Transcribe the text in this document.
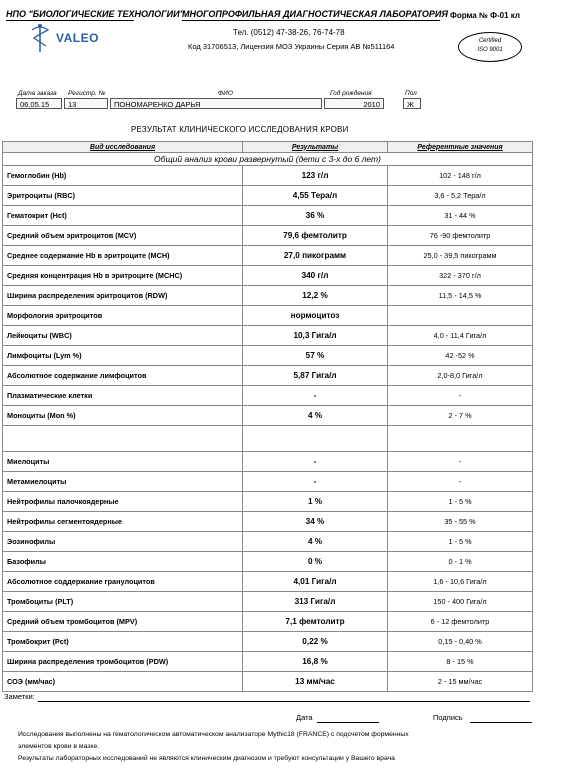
НПО "БИОЛОГИЧЕСКИЕ ТЕХНОЛОГИИ"
МНОГОПРОФИЛЬНАЯ ДИАГНОСТИЧЕСКАЯ ЛАБОРАТОРИЯ Форма № Ф-01 кл
VALEO	Тел. (0512) 47-38-26, 76-74-78
Код 31706513, Лицензия МОЗ Украины Серия АВ №511164
Certified
ISO 9001
Дата заказа Регистр. №	ФИО	Год рождения	Пол
06.05.15	13	ПОНОМАРЕНКО ДАРЬЯ	2010	Ж
РЕЗУЛЬТАТ КЛИНИЧЕСКОГО ИССЛЕДОВАНИЯ КРОВИ
Вид исследования	Результаты	Референтные значения
Общий анализ крови развернутый (дети с 3-х до 6 лет)		
Гемоглобин (Hb)	123 г/л	102 - 148 г/л
Эритроциты (RBC)	4,55 Тера/л	3,6 - 5,2 Тера/л
Гематокрит (Hct)	36 %	31 - 44 %
Средний объем эритроцитов (MCV)	79,6 фемтолитр	76 -90 фемтолитр
Среднее содержание Hb в эритроците (MCH)	27,0 пикограмм	25,0 - 39,5 пикограмм
Средняя концентрация Hb в эритроците (MCHC)	340 г/л	322 - 370 г/л
Ширина распределения эритроцитов (RDW)	12,2 %	11,5 - 14,5 %
Морфология эритроцитов	нормоцитоз	
Лейкоциты (WBC)	10,3 Гига/л	4,0 - 11,4 Гига/л
Лимфоциты (Lym %)	57 %	42 -52 %
Абсолютное содержание лимфоцитов	5,87 Гига/л	2,0-8,0 Гига/л
Плазматические клетки	-	-
Моноциты (Mon %)	4 %	2 - 7 %

Миелоциты	-	-
Метамиелоциты	-	-
Нейтрофилы палочкоядерные	1 %	1 - 5 %
Нейтрофилы сегментоядерные	34 %	35 - 55 %
Эозинофилы	4 %	1 - 5 %
Базофилы	0 %	0 - 1 %
Абсолютное соддержание гранулоцитов	4,01 Гига/л	1,6 - 10,6 Гига/л
Тромбоциты (PLT)	313 Гига/л	150 - 400 Гига/л
Средний объем тромбоцитов (MPV)	7,1 фемтолитр	6 - 12 фемтолитр
Тромбокрит (Pct)	0,22 %	0,15 - 0,40 %
Ширина распределения тромбоцитов (PDW)	16,8 %	8 - 15 %
СОЭ (мм/час)	13 мм/час	2 - 15 мм/час
Заметки:
Дата	Подпись
Исследования выполнены на гематологическом автоматическом анализаторе Mythic18 (FRANCE) с подсчетом форменных
элементов крови в мазке.
Результаты лабораторных исследований не являются клиническим диагнозом и требуют консультации у Вашего врача
